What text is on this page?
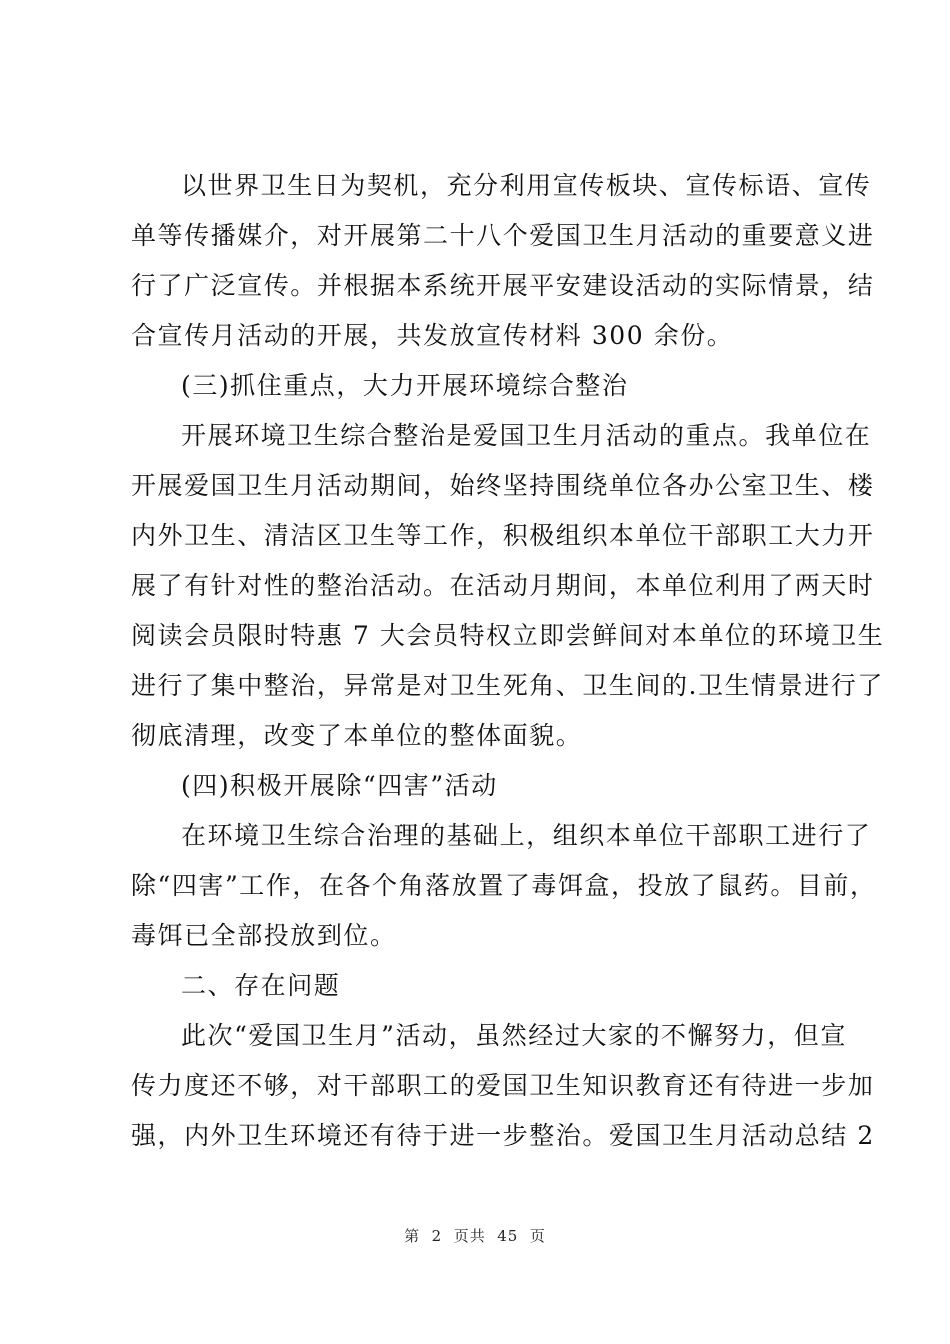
以世界卫生日为契机，充分利用宣传板块、宣传标语、宣传
单等传播媒介，对开展第二十八个爱国卫生月活动的重要意义进
行了广泛宣传。并根据本系统开展平安建设活动的实际情景，结
合宣传月活动的开展，共发放宣传材料 300 余份。
(三)抓住重点，大力开展环境综合整治
开展环境卫生综合整治是爱国卫生月活动的重点。我单位在
开展爱国卫生月活动期间，始终坚持围绕单位各办公室卫生、楼
内外卫生、清洁区卫生等工作，积极组织本单位干部职工大力开
展了有针对性的整治活动。在活动月期间，本单位利用了两天时
阅读会员限时特惠 7 大会员特权立即尝鲜间对本单位的环境卫生
进行了集中整治，异常是对卫生死角、卫生间的.卫生情景进行了
彻底清理，改变了本单位的整体面貌。
(四)积极开展除“四害”活动
在环境卫生综合治理的基础上，组织本单位干部职工进行了
除“四害”工作，在各个角落放置了毒饵盒，投放了鼠药。目前，
毒饵已全部投放到位。
二、存在问题
此次“爱国卫生月”活动，虽然经过大家的不懈努力，但宣
传力度还不够，对干部职工的爱国卫生知识教育还有待进一步加
强，内外卫生环境还有待于进一步整治。爱国卫生月活动总结 2
第  2  页共  45  页
